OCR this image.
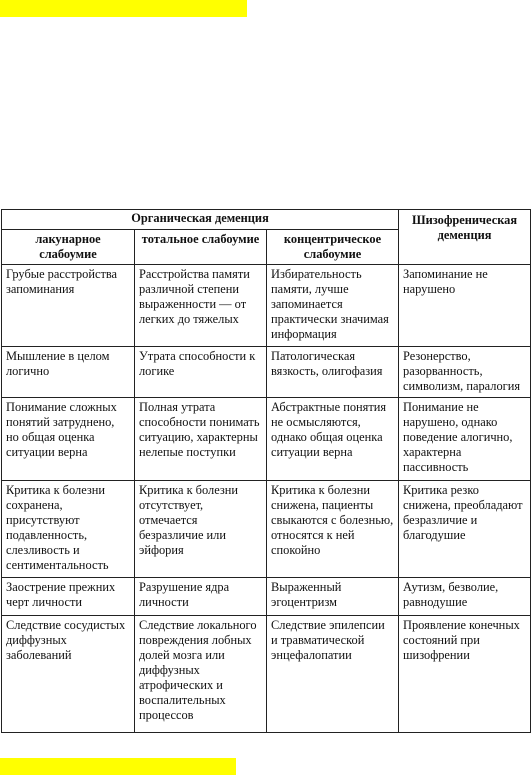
Органическая деменция			Шизофреническая деменция
лакунарное слабоумие	тотальное слабоумие	концентрическое слабоумие	
Грубые расстройства запоминания	Расстройства памяти различной степени выраженности — от легких до тяжелых	Избирательность памяти, лучше запоминается практически значимая информация	Запоминание не нарушено
Мышление в целом логично	Утрата способности к логике	Патологическая вязкость, олигофазия	Резонерство, разорванность, символизм, паралогия
Понимание сложных понятий затруднено, но общая оценка ситуации верна	Полная утрата способности понимать ситуацию, характерны нелепые поступки	Абстрактные понятия не осмысляются, однако общая оценка ситуации верна	Понимание не нарушено, однако поведение алогично, характерна пассивность
Критика к болезни сохранена, присутствуют подавленность, слезливость и сентиментальность	Критика к болезни отсутствует, отмечается безразличие или эйфория	Критика к болезни снижена, пациенты свыкаются с болезнью, относятся к ней спокойно	Критика резко снижена, преобладают безразличие и благодушие
Заострение прежних черт личности	Разрушение ядра личности	Выраженный эгоцентризм	Аутизм, безволие, равнодушие
Следствие сосудистых диффузных заболеваний	Следствие локального повреждения лобных долей мозга или диффузных атрофических и воспалительных процессов	Следствие эпилепсии и травматической энцефалопатии	Проявление конечных состояний при шизофрении
